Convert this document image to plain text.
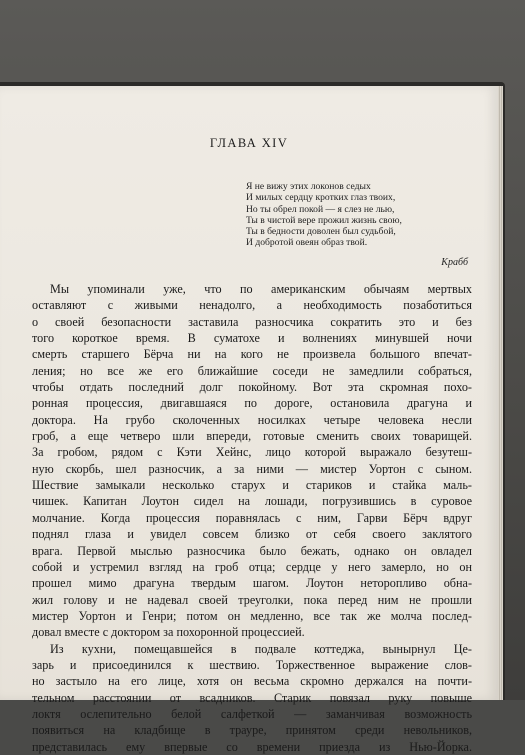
ГЛАВА XIV
Я не вижу этих локонов седых
И милых сердцу кротких глаз твоих,
Но ты обрел покой — я слез не лью,
Ты в чистой вере прожил жизнь свою,
Ты в бедности доволен был судьбой,
И добротой овеян образ твой.
Крабб
Мы упоминали уже, что по американским обычаям мертвых
оставляют с живыми ненадолго, а необходимость позаботиться
о своей безопасности заставила разносчика сократить это и без
того короткое время. В суматохе и волнениях минувшей ночи
смерть старшего Бёрча ни на кого не произвела большого впечат-
ления; но все же его ближайшие соседи не замедлили собраться,
чтобы отдать последний долг покойному. Вот эта скромная похо-
ронная процессия, двигавшаяся по дороге, остановила драгуна и
доктора. На грубо сколоченных носилках четыре человека несли
гроб, а еще четверо шли впереди, готовые сменить своих товарищей.
За гробом, рядом с Кэти Хейнс, лицо которой выражало безутеш-
ную скорбь, шел разносчик, а за ними — мистер Уортон с сыном.
Шествие замыкали несколько старух и стариков и стайка маль-
чишек. Капитан Лоутон сидел на лошади, погрузившись в суровое
молчание. Когда процессия поравнялась с ним, Гарви Бёрч вдруг
поднял глаза и увидел совсем близко от себя своего заклятого
врага. Первой мыслью разносчика было бежать, однако он овладел
собой и устремил взгляд на гроб отца; сердце у него замерло, но он
прошел мимо драгуна твердым шагом. Лоутон неторопливо обна-
жил голову и не надевал своей треуголки, пока перед ним не прошли
мистер Уортон и Генри; потом он медленно, все так же молча послед-
довал вместе с доктором за похоронной процессией.
Из кухни, помещавшейся в подвале коттеджа, вынырнул Це-
зарь и присоединился к шествию. Торжественное выражение слов-
но застыло на его лице, хотя он весьма скромно держался на почти-
тельном расстоянии от всадников. Старик повязал руку повыше
локтя ослепительно белой салфеткой — заманчивая возможность
появиться на кладбище в трауре, принятом среди невольников,
представилась ему впервые со времени приезда из Нью-Йорка.
